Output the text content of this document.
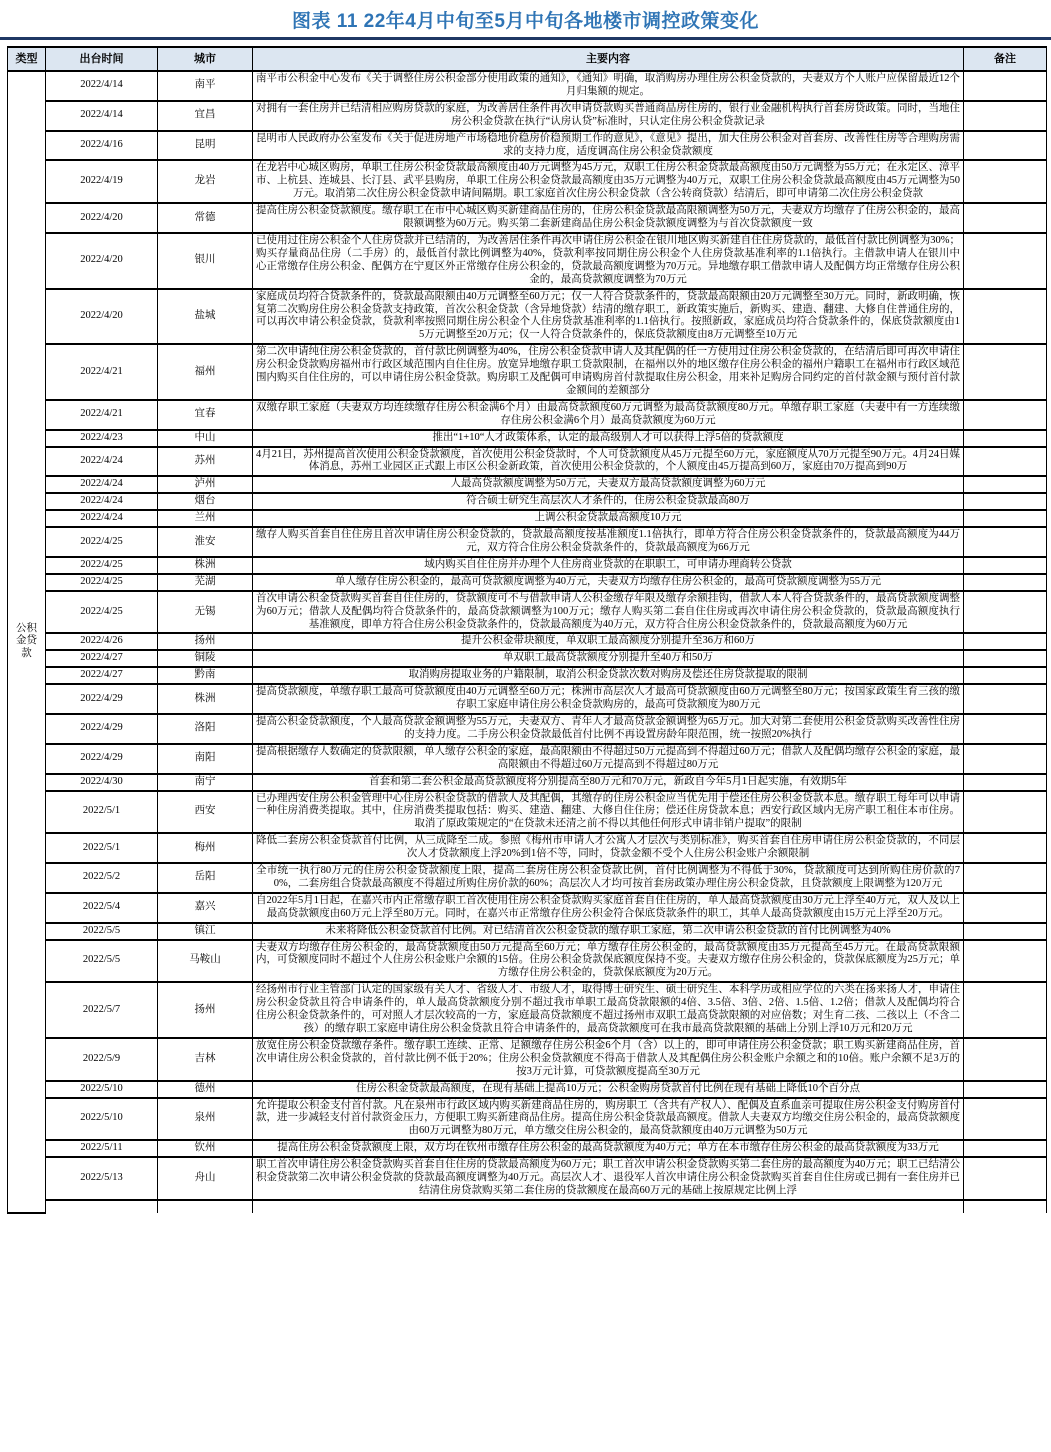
图表 11 22年4月中旬至5月中旬各地楼市调控政策变化
类型	出台时间	城市	主要内容	备注
公积金贷款	2022/4/14	南平	南平市公积金中心发布《关于调整住房公积金部分使用政策的通知》，《通知》明确，取消购房办理住房公积金贷款的，夫妻双方个人账户应保留最近12个月归集额的规定。	
	2022/4/14	宜昌	对拥有一套住房并已结清相应购房贷款的家庭，为改善居住条件再次申请贷款购买普通商品房住房的，银行业金融机构执行首套房贷政策。同时，当地住房公积金贷款在执行“认房认贷”标准时，只认定住房公积金贷款记录	
	2022/4/16	昆明	昆明市人民政府办公室发布《关于促进房地产市场稳地价稳房价稳预期工作的意见》，《意见》提出，加大住房公积金对首套房、改善性住房等合理购房需求的支持力度，适度调高住房公积金贷款额度	
	2022/4/19	龙岩	在龙岩中心城区购房，单职工住房公积金贷款最高额度由40万元调整为45万元，双职工住房公积金贷款最高额度由50万元调整为55万元；在永定区、漳平市、上杭县、连城县、长汀县、武平县购房，单职工住房公积金贷款最高额度由35万元调整为40万元，双职工住房公积金贷款最高额度由45万元调整为50万元。取消第二次住房公积金贷款申请间隔期。职工家庭首次住房公积金贷款（含公转商贷款）结清后，即可申请第二次住房公积金贷款	
	2022/4/20	常德	提高住房公积金贷款额度。缴存职工在市中心城区购买新建商品住房的，住房公积金贷款最高限额调整为50万元，夫妻双方均缴存了住房公积金的，最高限额调整为60万元。购买第二套新建商品住房公积金贷款额度调整为与首次贷款额度一致	
	2022/4/20	银川	已使用过住房公积金个人住房贷款并已结清的，为改善居住条件再次申请住房公积金在银川地区购买新建自住住房贷款的，最低首付款比例调整为30%；购买存量商品住房（二手房）的，最低首付款比例调整为40%，贷款利率按同期住房公积金个人住房贷款基准利率的1.1倍执行。主借款申请人在银川中心正常缴存住房公积金、配偶方在宁夏区外正常缴存住房公积金的，贷款最高额度调整为70万元。异地缴存职工借款申请人及配偶方均正常缴存住房公积金的，最高贷款额度调整为70万元	
	2022/4/20	盐城	家庭成员均符合贷款条件的，贷款最高限额由40万元调整至60万元；仅一人符合贷款条件的，贷款最高限额由20万元调整至30万元。同时，新政明确，恢复第二次购房住房公积金贷款支持政策，首次公积金贷款（含异地贷款）结清的缴存职工，新政策实施后，新购买、建造、翻建、大修自住普通住房的，可以再次申请公积金贷款，贷款利率按照同期住房公积金个人住房贷款基准利率的1.1倍执行。按照新政，家庭成员均符合贷款条件的，保底贷款额度由15万元调整至20万元；仅一人符合贷款条件的，保底贷款额度由8万元调整至10万元	
	2022/4/21	福州	第二次申请纯住房公积金贷款的，首付款比例调整为40%，住房公积金贷款申请人及其配偶的任一方使用过住房公积金贷款的，在结清后即可再次申请住房公积金贷款购房福州市行政区域范围内自住住房。放宽异地缴存职工贷款限制，在福州以外的地区缴存住房公积金的福州户籍职工在福州市行政区域范围内购买自住住房的，可以申请住房公积金贷款。购房职工及配偶可申请购房首付款提取住房公积金，用来补足购房合同约定的首付款金额与预付首付款金额间的差额部分	
	2022/4/21	宜春	双缴存职工家庭（夫妻双方均连续缴存住房公积金满6个月）由最高贷款额度60万元调整为最高贷款额度80万元。单缴存职工家庭（夫妻中有一方连续缴存住房公积金满6个月）最高贷款额度为60万元	
	2022/4/23	中山	推出“1+10“人才政策体系，认定的最高级别人才可以获得上浮5倍的贷款额度	
	2022/4/24	苏州	4月21日，苏州提高首次使用公积金贷款额度，首次使用公积金贷款时，个人可贷款额度从45万元提至60万元，家庭额度从70万元提至90万元。4月24日媒体消息，苏州工业园区正式跟上市区公积金新政策，首次使用公积金贷款的，个人额度由45万提高到60万，家庭由70万提高到90万	
	2022/4/24	泸州	人最高贷款额度调整为50万元，夫妻双方最高贷款额度调整为60万元	
	2022/4/24	烟台	符合硕士研究生高层次人才条件的，住房公积金贷款最高80万	
	2022/4/24	兰州	上调公积金贷款最高额度10万元	
	2022/4/25	淮安	缴存人购买首套自住住房且首次申请住房公积金贷款的，贷款最高额度按基准额度1.1倍执行，即单方符合住房公积金贷款条件的，贷款最高额度为44万元，双方符合住房公积金贷款条件的，贷款最高额度为66万元	
	2022/4/25	株洲	域内购买自住住房并办理个人住房商业贷款的在职职工，可申请办理商转公贷款	
	2022/4/25	芜湖	单人缴存住房公积金的，最高可贷款额度调整为40万元，夫妻双方均缴存住房公积金的，最高可贷款额度调整为55万元	
	2022/4/25	无锡	首次申请公积金贷款购买首套自住住房的，贷款额度可不与借款申请人公积金缴存年限及缴存余额挂钩，借款人本人符合贷款条件的，最高贷款额度调整为60万元；借款人及配偶均符合贷款条件的，最高贷款额调整为100万元；缴存人购买第二套自住住房或再次申请住房公积金贷款的，贷款最高额度执行基准额度，即单方符合住房公积金贷款条件的，贷款最高额度为40万元，双方符合住房公积金贷款条件的，贷款最高额度为60万元	
	2022/4/26	扬州	提升公积金带块额度，单双职工最高额度分别提升至36万和60万	
	2022/4/27	铜陵	单双职工最高贷款额度分别提升至40万和50万	
	2022/4/27	黔南	取消购房提取业务的户籍限制，取消公积金贷款次数对购房及偿还住房贷款提取的限制	
	2022/4/29	株洲	提高贷款额度，单缴存职工最高可贷款额度由40万元调整至60万元；株洲市高层次人才最高可贷款额度由60万元调整至80万元；按国家政策生育三孩的缴存职工家庭申请住房公积金贷款购房的，最高可贷款额度为80万元	
	2022/4/29	洛阳	提高公积金贷款额度，个人最高贷款金额调整为55万元，夫妻双方、青年人才最高贷款金额调整为65万元。加大对第二套使用公积金贷款购买改善性住房的支持力度。二手房公积金贷款最低首付比例不再设置房龄年限范围，统一按照20%执行	
	2022/4/29	南阳	提高根据缴存人数确定的贷款限额，单人缴存公积金的家庭，最高限额由不得超过50万元提高到不得超过60万元；借款人及配偶均缴存公积金的家庭，最高限额由不得超过60万元提高到不得超过80万元	
	2022/4/30	南宁	首套和第二套公积金最高贷款额度将分别提高至80万元和70万元，新政自今年5月1日起实施，有效期5年	
	2022/5/1	西安	已办理西安住房公积金管理中心住房公积金贷款的借款人及其配偶，其缴存的住房公积金应当优先用于偿还住房公积金贷款本息。缴存职工每年可以申请一种住房消费类提取。其中，住房消费类提取包括：购买、建造、翻建、大修自住住房；偿还住房贷款本息；西安行政区域内无房产职工租住本市住房。取消了原政策规定的“在贷款未还清之前不得以其他任何形式申请非销户提取”的限制	
	2022/5/1	梅州	降低二套房公积金贷款首付比例，从三成降至二成。参照《梅州市申请人才公寓人才层次与类别标准》，购买首套自住房申请住房公积金贷款的，不同层次人才贷款额度上浮20%到1倍不等，同时，贷款金额不受个人住房公积金账户余额限制	
	2022/5/2	岳阳	全市统一执行80万元的住房公积金贷款额度上限，提高二套房住房公积金贷款比例，首付比例调整为不得低于30%，贷款额度可达到所购住房价款的70%，二套房组合贷款最高额度不得超过所购住房价款的60%；高层次人才均可按首套房政策办理住房公积金贷款，且贷款额度上限调整为120万元	
	2022/5/4	嘉兴	自2022年5月1日起，在嘉兴市内正常缴存职工首次使用住房公积金贷款购买家庭首套自住住房的，单人最高贷款额度由30万元上浮至40万元，双人及以上最高贷款额度由60万元上浮至80万元。同时，在嘉兴市正常缴存住房公积金符合保底贷款条件的职工，其单人最高贷款额度由15万元上浮至20万元。	
	2022/5/5	镇江	未来将降低公积金贷款首付比例。对已结清首次公积金贷款的缴存职工家庭，第二次申请公积金贷款的首付比例调整为40%	
	2022/5/5	马鞍山	夫妻双方均缴存住房公积金的，最高贷款额度由50万元提高至60万元；单方缴存住房公积金的，最高贷款额度由35万元提高至45万元。在最高贷款限额内，可贷额度同时不超过个人住房公积金账户余额的15倍。住房公积金贷款保底额度保持不变。夫妻双方缴存住房公积金的，贷款保底额度为25万元；单方缴存住房公积金的，贷款保底额度为20万元。	
	2022/5/7	扬州	经扬州市行业主管部门认定的国家级有关人才、省级人才、市级人才，取得博士研究生、硕士研究生、本科学历或相应学位的六类在扬来扬人才，申请住房公积金贷款且符合申请条件的，单人最高贷款额度分别不超过我市单职工最高贷款限额的4倍、3.5倍、3倍、2倍、1.5倍、1.2倍；借款人及配偶均符合住房公积金贷款条件的，可对照人才层次较高的一方，家庭最高贷款额度不超过扬州市双职工最高贷款限额的对应倍数；对生育二孩、二孩以上（不含二孩）的缴存职工家庭申请住房公积金贷款且符合申请条件的，最高贷款额度可在我市最高贷款限额的基础上分别上浮10万元和20万元	
	2022/5/9	吉林	放宽住房公积金贷款缴存条件。缴存职工连续、正常、足额缴存住房公积金6个月（含）以上的，即可申请住房公积金贷款；职工购买新建商品住房，首次申请住房公积金贷款的，首付款比例不低于20%；住房公积金贷款额度不得高于借款人及其配偶住房公积金账户余额之和的10倍。账户余额不足3万的按3万元计算，可贷款额度提高至30万元	
	2022/5/10	德州	住房公积金贷款最高额度，在现有基础上提高10万元；公积金购房贷款首付比例在现有基础上降低10个百分点	
	2022/5/10	泉州	允许提取公积金支付首付款。凡在泉州市行政区域内购买新建商品住房的，购房职工（含共有产权人）、配偶及直系血亲可提取住房公积金支付购房首付款，进一步减轻支付首付款资金压力，方便职工购买新建商品住房。提高住房公积金贷款最高额度。借款人夫妻双方均缴交住房公积金的，最高贷款额度由60万元调整为80万元，单方缴交住房公积金的，最高贷款额度由40万元调整为50万元	
	2022/5/11	钦州	提高住房公积金贷款额度上限，双方均在钦州市缴存住房公积金的最高贷款额度为40万元；单方在本市缴存住房公积金的最高贷款额度为33万元	
	2022/5/13	舟山	职工首次申请住房公积金贷款购买首套自住住房的贷款最高额度为60万元；职工首次申请公积金贷款购买第二套住房的最高额度为40万元；职工已结清公积金贷款第二次申请公积金贷款的贷款最高额度调整为40万元。高层次人才、退役军人首次申请住房公积金贷款购买首套自住住房或已拥有一套住房并已结清住房贷款购买第二套住房的贷款额度在最高60万元的基础上按原规定比例上浮	
